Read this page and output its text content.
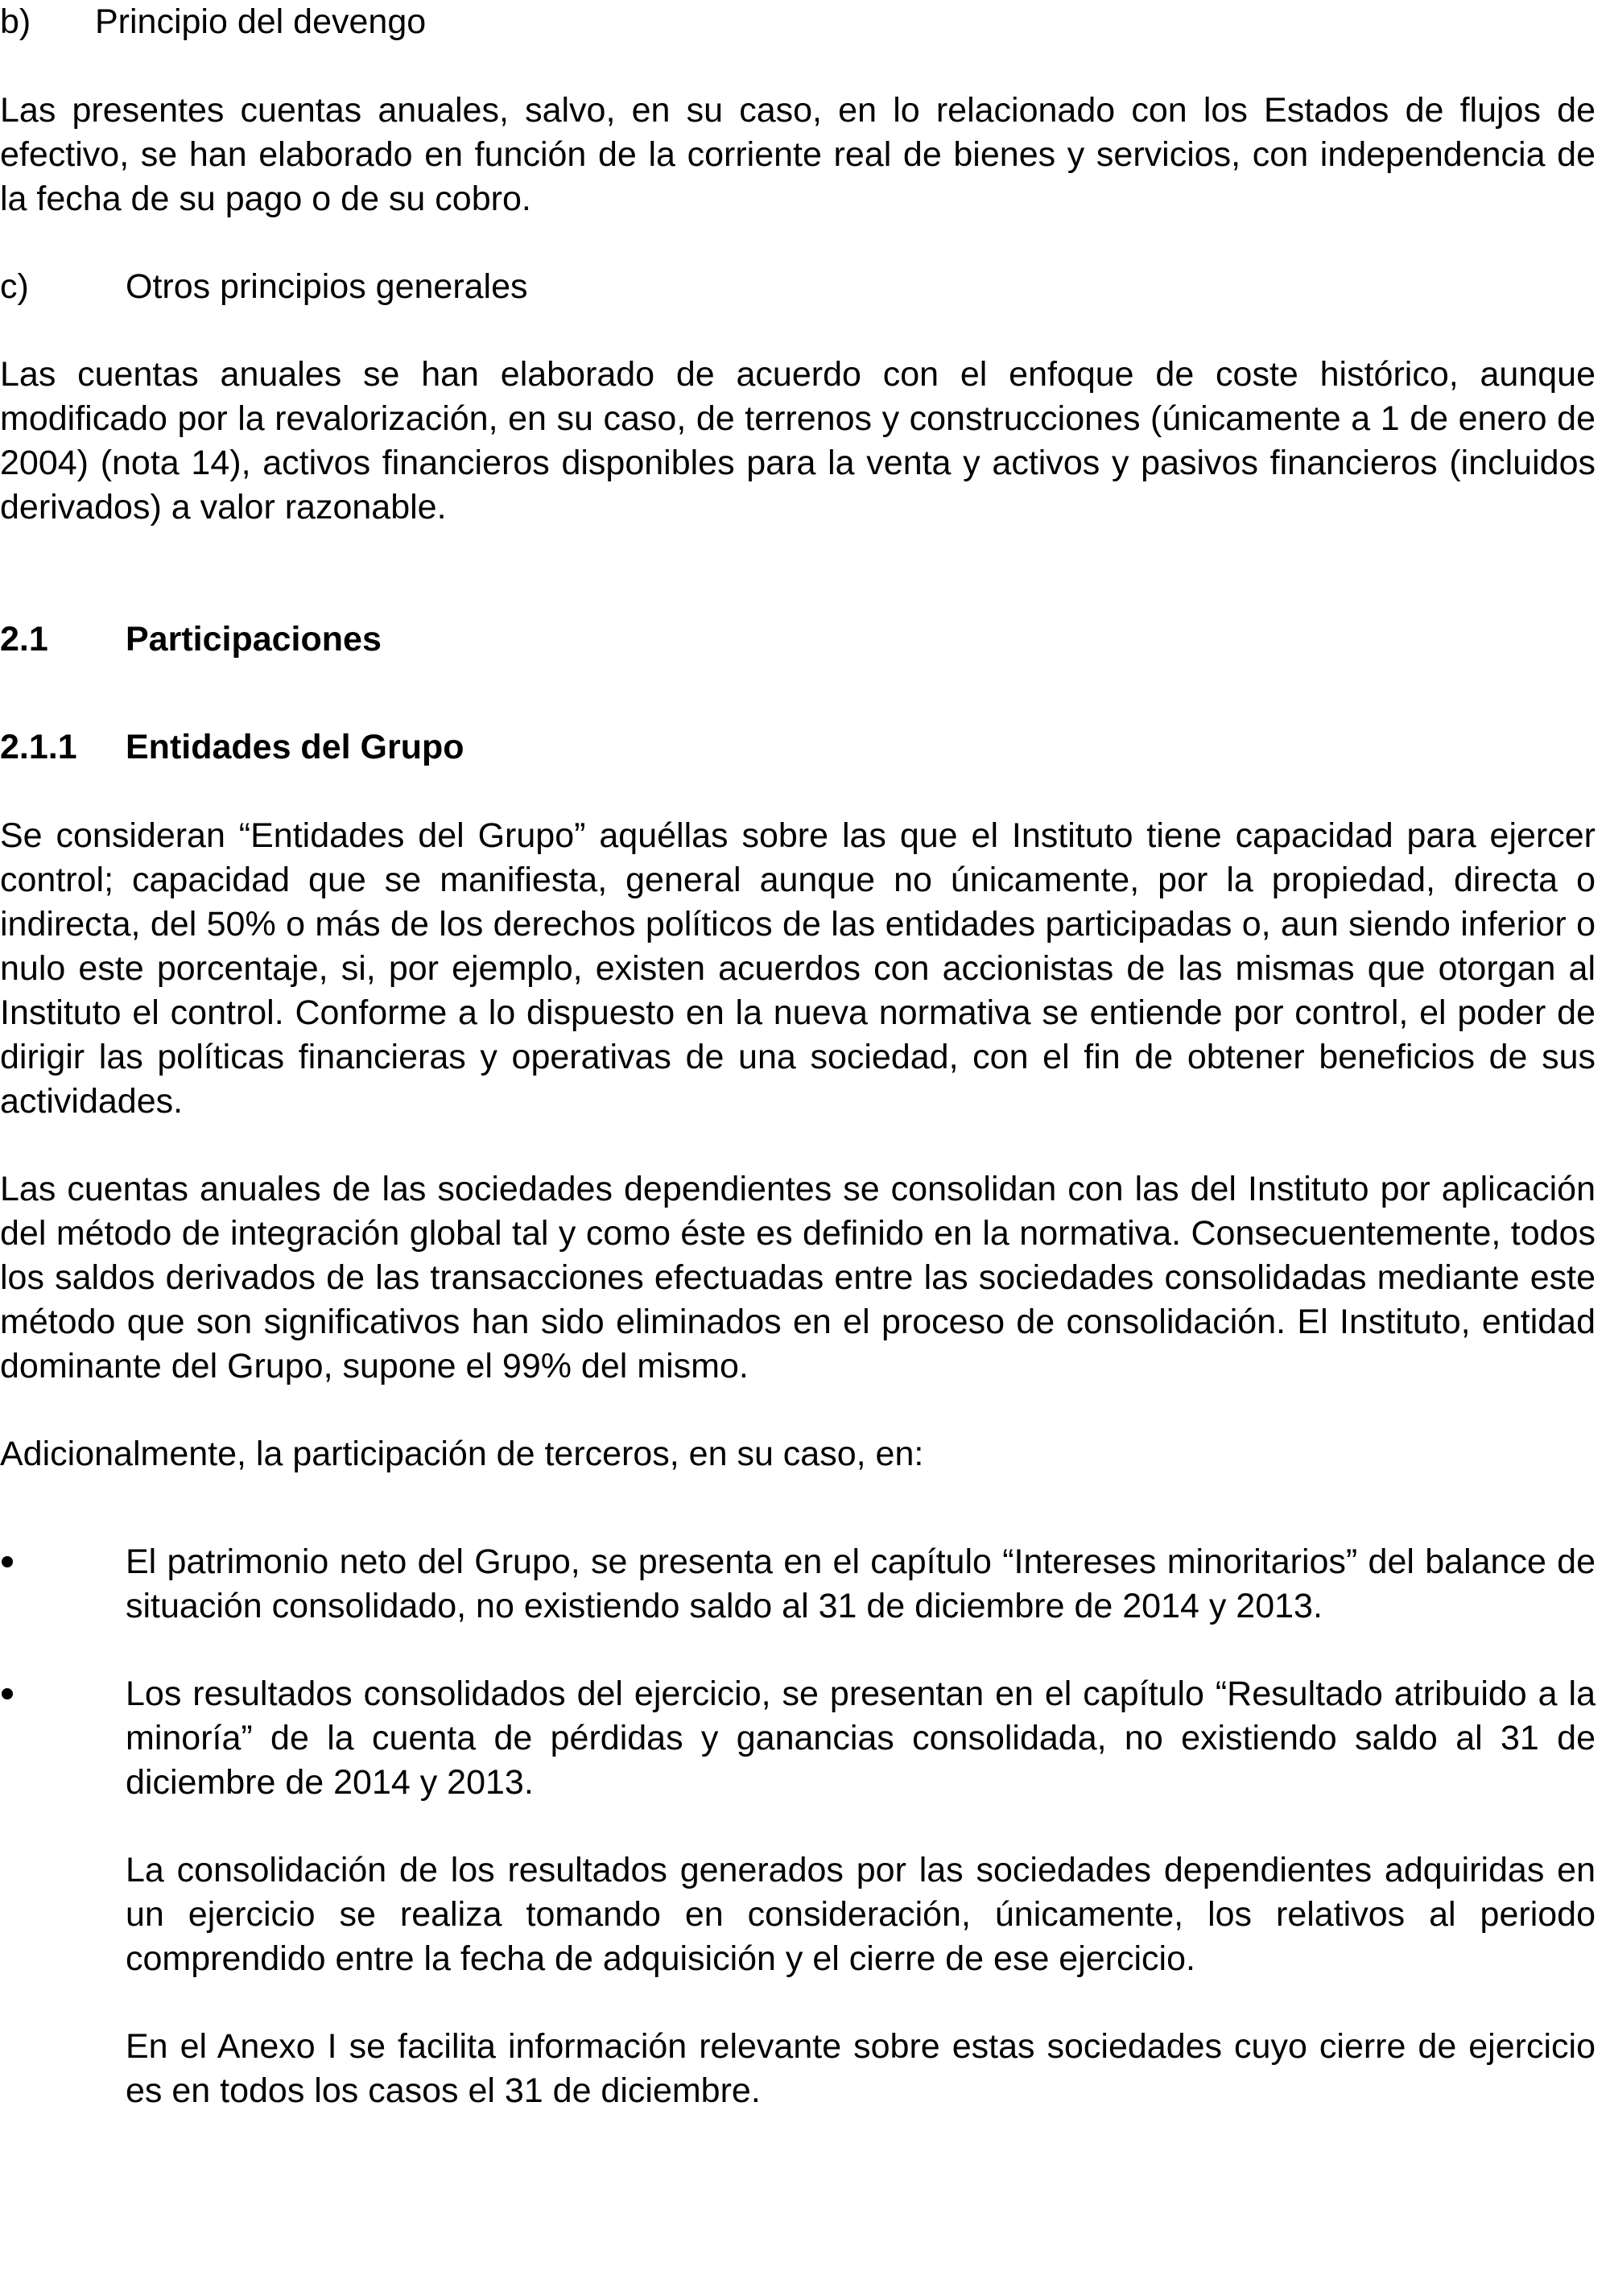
b)	Principio del devengo

Las presentes cuentas anuales, salvo, en su caso, en lo relacionado con los Estados de flujos de efectivo, se han elaborado en función de la corriente real de bienes y servicios, con independencia de la fecha de su pago o de su cobro.

c)	Otros principios generales

Las cuentas anuales se han elaborado de acuerdo con el enfoque de coste histórico, aunque modificado por la revalorización, en su caso, de terrenos y construcciones (únicamente a 1 de enero de 2004) (nota 14), activos financieros disponibles para la venta y activos y pasivos financieros (incluidos derivados) a valor razonable.

2.1	Participaciones
2.1.1	Entidades del Grupo

Se consideran “Entidades del Grupo” aquéllas sobre las que el Instituto tiene capacidad para ejercer control; capacidad que se manifiesta, general aunque no únicamente, por la propiedad, directa o indirecta, del 50% o más de los derechos políticos de las entidades participadas o, aun siendo inferior o nulo este porcentaje, si, por ejemplo, existen acuerdos con accionistas de las mismas que otorgan al Instituto el control. Conforme a lo dispuesto en la nueva normativa se entiende por control, el poder de dirigir las políticas financieras y operativas de una sociedad, con el fin de obtener beneficios de sus actividades.

Las cuentas anuales de las sociedades dependientes se consolidan con las del Instituto por aplicación del método de integración global tal y como éste es definido en la normativa. Consecuentemente, todos los saldos derivados de las transacciones efectuadas entre las sociedades consolidadas mediante este método que son significativos han sido eliminados en el proceso de consolidación. El Instituto, entidad dominante del Grupo, supone el 99% del mismo.

Adicionalmente, la participación de terceros, en su caso, en:

El patrimonio neto del Grupo, se presenta en el capítulo “Intereses minoritarios” del balance de situación consolidado, no existiendo saldo al 31 de diciembre de 2014 y 2013.

Los resultados consolidados del ejercicio, se presentan en el capítulo “Resultado atribuido a la minoría” de la cuenta de pérdidas y ganancias consolidada, no existiendo saldo al 31 de diciembre de 2014 y 2013.

La consolidación de los resultados generados por las sociedades dependientes adquiridas en un ejercicio se realiza tomando en consideración, únicamente, los relativos al periodo comprendido entre la fecha de adquisición y el cierre de ese ejercicio.

En el Anexo I se facilita información relevante sobre estas sociedades cuyo cierre de ejercicio es en todos los casos el 31 de diciembre.
